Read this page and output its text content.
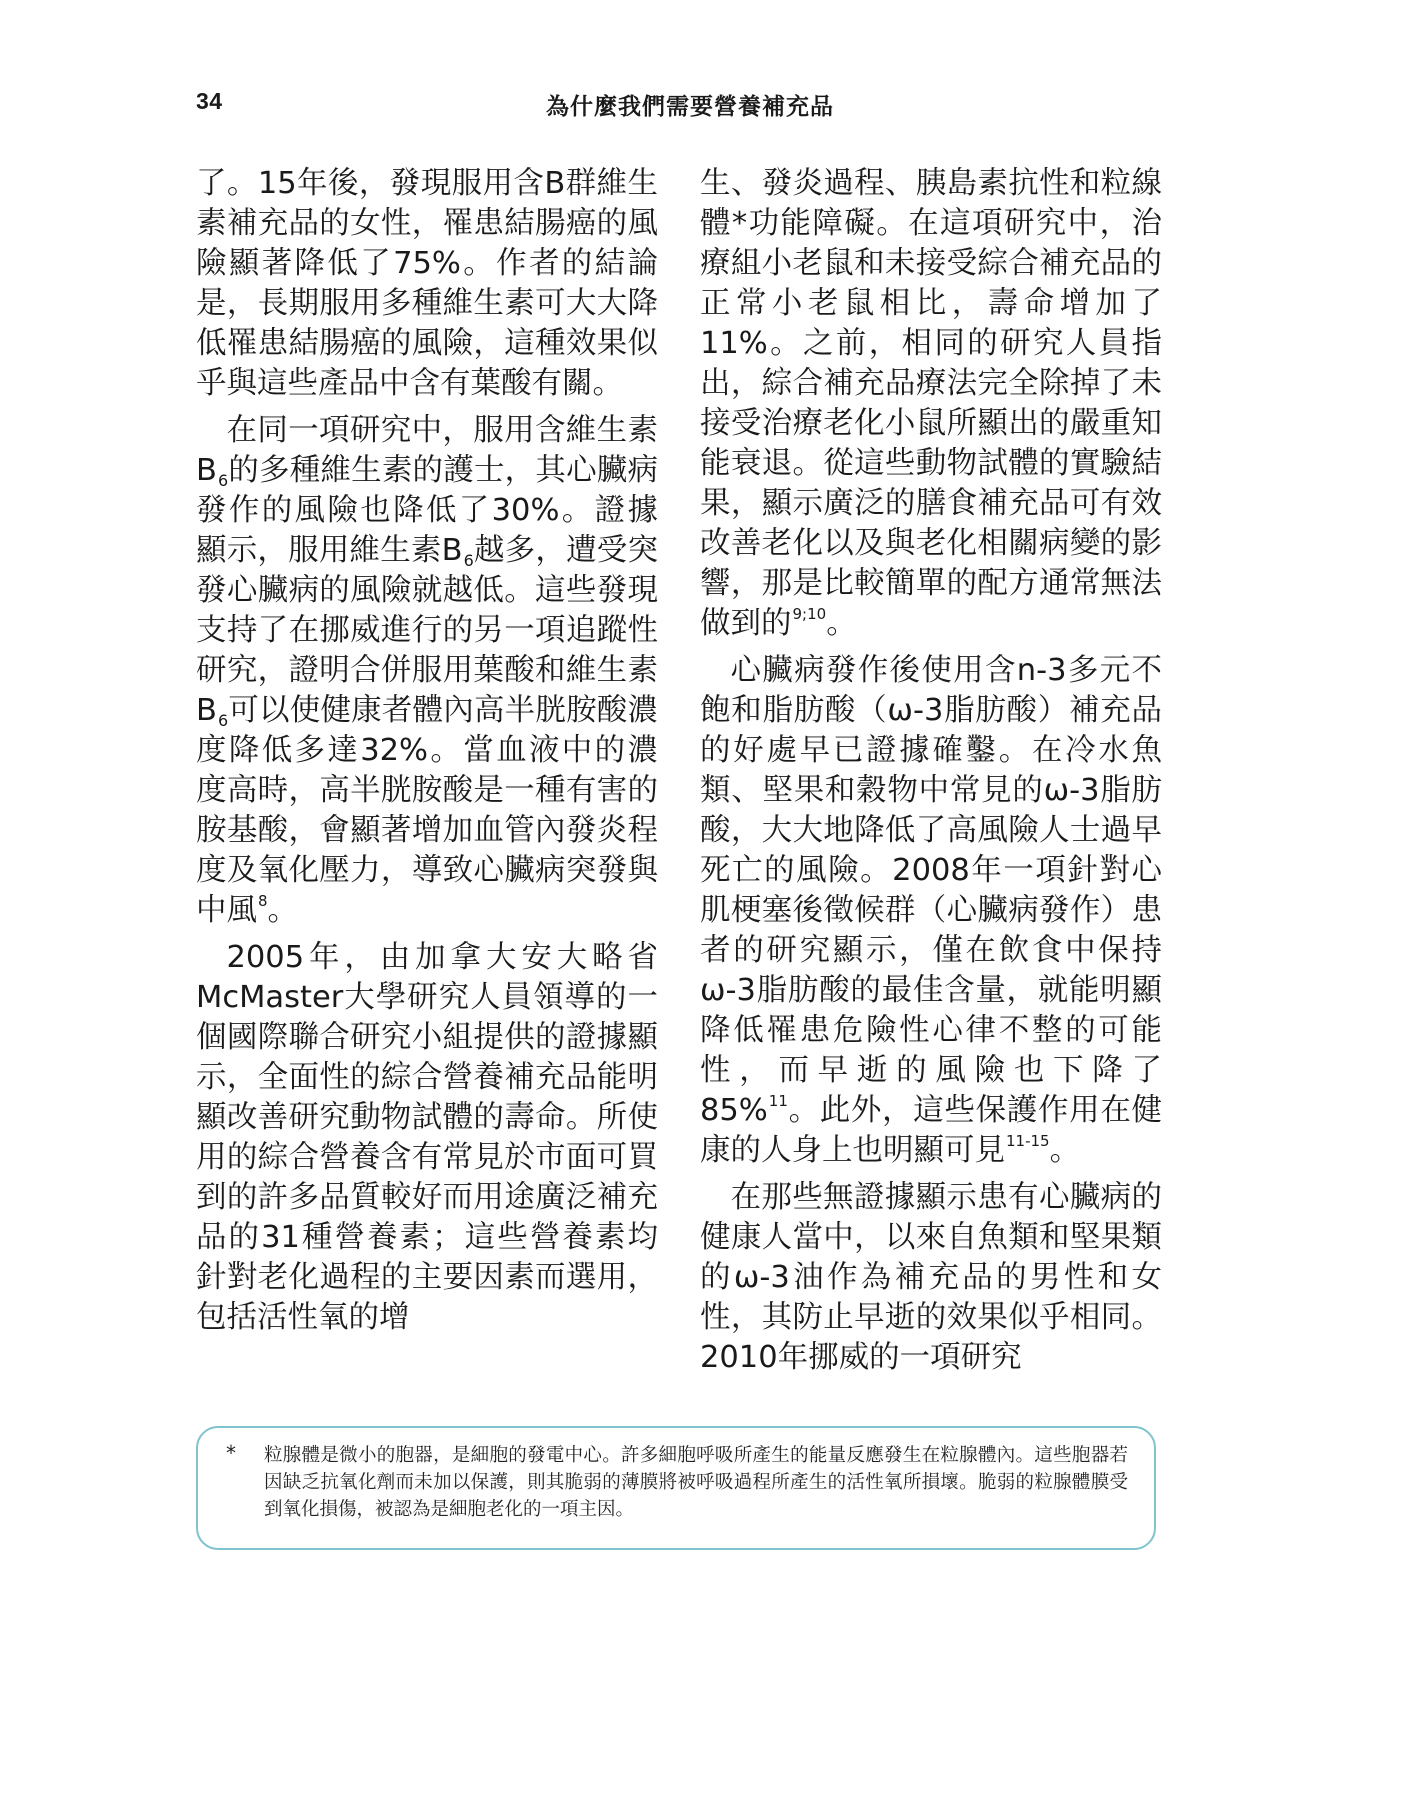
34	為什麼我們需要營養補充品

了。15年後，發現服用含B群維生素補充品的女性，罹患結腸癌的風險顯著降低了75%。作者的結論是，長期服用多種維生素可大大降低罹患結腸癌的風險，這種效果似乎與這些產品中含有葉酸有關。

在同一項研究中，服用含維生素$B_6$的多種維生素的護士，其心臟病發作的風險也降低了30%。證據顯示，服用維生素$B_6$越多，遭受突發心臟病的風險就越低。這些發現支持了在挪威進行的另一項追蹤性研究，證明合併服用葉酸和維生素$B_6$可以使健康者體內高半胱胺酸濃度降低多達32%。當血液中的濃度高時，高半胱胺酸是一種有害的胺基酸，會顯著增加血管內發炎程度及氧化壓力，導致心臟病突發與中風$^8$。

2005年，由加拿大安大略省McMaster大學研究人員領導的一個國際聯合研究小組提供的證據顯示，全面性的綜合營養補充品能明顯改善研究動物試體的壽命。所使用的綜合營養含有常見於市面可買到的許多品質較好而用途廣泛補充品的31種營養素；這些營養素均針對老化過程的主要因素而選用，包括活性氧的增

生、發炎過程、胰島素抗性和粒線體*功能障礙。在這項研究中，治療組小老鼠和未接受綜合補充品的正常小老鼠相比，壽命增加了11%。之前，相同的研究人員指出，綜合補充品療法完全除掉了未接受治療老化小鼠所顯出的嚴重知能衰退。從這些動物試體的實驗結果，顯示廣泛的膳食補充品可有效改善老化以及與老化相關病變的影響，那是比較簡單的配方通常無法做到的$^{9;10}$。

心臟病發作後使用含n-3多元不飽和脂肪酸（ω-3脂肪酸）補充品的好處早已證據確鑿。在冷水魚類、堅果和穀物中常見的ω-3脂肪酸，大大地降低了高風險人士過早死亡的風險。2008年一項針對心肌梗塞後徵候群（心臟病發作）患者的研究顯示，僅在飲食中保持ω-3脂肪酸的最佳含量，就能明顯降低罹患危險性心律不整的可能性，而早逝的風險也下降了85%$^{11}$。此外，這些保護作用在健康的人身上也明顯可見$^{11-15}$。

在那些無證據顯示患有心臟病的健康人當中，以來自魚類和堅果類的ω-3油作為補充品的男性和女性，其防止早逝的效果似乎相同。2010年挪威的一項研究

* 粒腺體是微小的胞器，是細胞的發電中心。許多細胞呼吸所產生的能量反應發生在粒腺體內。這些胞器若因缺乏抗氧化劑而未加以保護，則其脆弱的薄膜將被呼吸過程所產生的活性氧所損壞。脆弱的粒腺體膜受到氧化損傷，被認為是細胞老化的一項主因。
